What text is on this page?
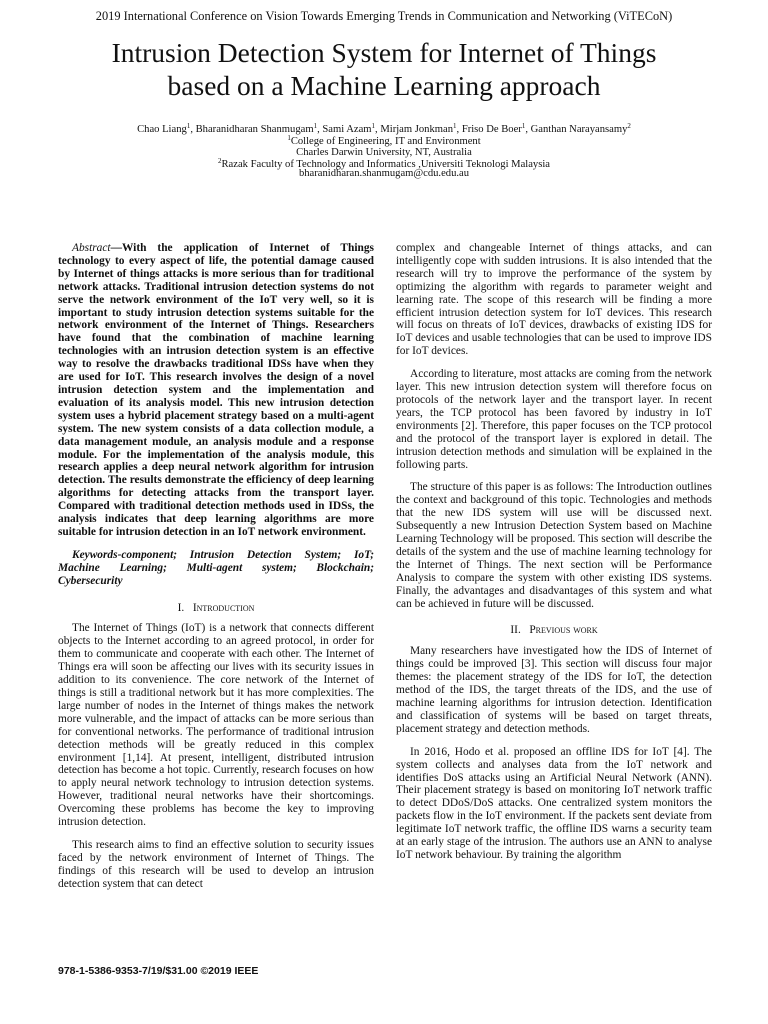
2019 International Conference on Vision Towards Emerging Trends in Communication and Networking (ViTECoN)
Intrusion Detection System for Internet of Things
based on a Machine Learning approach
Chao Liang$^1$, Bharanidharan Shanmugam$^1$, Sami Azam$^1$, Mirjam Jonkman$^1$, Friso De Boer$^1$, Ganthan Narayansamy$^2$
$^1$College of Engineering, IT and Environment
Charles Darwin University, NT, Australia
$^2$Razak Faculty of Technology and Informatics ,Universiti Teknologi Malaysia
bharanidharan.shanmugam@cdu.edu.au

Abstract—With the application of Internet of Things technology to every aspect of life, the potential damage caused by Internet of things attacks is more serious than for traditional network attacks. Traditional intrusion detection systems do not serve the network environment of the IoT very well, so it is important to study intrusion detection systems suitable for the network environment of the Internet of Things. Researchers have found that the combination of machine learning technologies with an intrusion detection system is an effective way to resolve the drawbacks traditional IDSs have when they are used for IoT. This research involves the design of a novel intrusion detection system and the implementation and evaluation of its analysis model. This new intrusion detection system uses a hybrid placement strategy based on a multi-agent system. The new system consists of a data collection module, a data management module, an analysis module and a response module. For the implementation of the analysis module, this research applies a deep neural network algorithm for intrusion detection. The results demonstrate the efficiency of deep learning algorithms for detecting attacks from the transport layer. Compared with traditional detection methods used in IDSs, the analysis indicates that deep learning algorithms are more suitable for intrusion detection in an IoT network environment.

Keywords-component; Intrusion Detection System; IoT; Machine Learning; Multi-agent system; Blockchain; Cybersecurity

I. Introduction

The Internet of Things (IoT) is a network that connects different objects to the Internet according to an agreed protocol, in order for them to communicate and cooperate with each other. The Internet of Things era will soon be affecting our lives with its security issues in addition to its convenience. The core network of the Internet of things is still a traditional network but it has more complexities. The large number of nodes in the Internet of things makes the network more vulnerable, and the impact of attacks can be more serious than for conventional networks. The performance of traditional intrusion detection methods will be greatly reduced in this complex environment [1,14]. At present, intelligent, distributed intrusion detection has become a hot topic. Currently, research focuses on how to apply neural network technology to intrusion detection systems. However, traditional neural networks have their shortcomings. Overcoming these problems has become the key to improving intrusion detection.

This research aims to find an effective solution to security issues faced by the network environment of Internet of Things. The findings of this research will be used to develop an intrusion detection system that can detect

complex and changeable Internet of things attacks, and can intelligently cope with sudden intrusions. It is also intended that the research will try to improve the performance of the system by optimizing the algorithm with regards to parameter weight and learning rate. The scope of this research will be finding a more efficient intrusion detection system for IoT devices. This research will focus on threats of IoT devices, drawbacks of existing IDS for IoT devices and usable technologies that can be used to improve IDS for IoT devices.

According to literature, most attacks are coming from the network layer. This new intrusion detection system will therefore focus on protocols of the network layer and the transport layer. In recent years, the TCP protocol has been favored by industry in IoT environments [2]. Therefore, this paper focuses on the TCP protocol and the protocol of the transport layer is explored in detail. The intrusion detection methods and simulation will be explained in the following parts.

The structure of this paper is as follows: The Introduction outlines the context and background of this topic. Technologies and methods that the new IDS system will use will be discussed next. Subsequently a new Intrusion Detection System based on Machine Learning Technology will be proposed. This section will describe the details of the system and the use of machine learning technology for the Internet of Things. The next section will be Performance Analysis to compare the system with other existing IDS systems. Finally, the advantages and disadvantages of this system and what can be achieved in future will be discussed.

II. Previous work

Many researchers have investigated how the IDS of Internet of things could be improved [3]. This section will discuss four major themes: the placement strategy of the IDS for IoT, the detection method of the IDS, the target threats of the IDS, and the use of machine learning algorithms for intrusion detection. Identification and classification of systems will be based on target threats, placement strategy and detection methods.

In 2016, Hodo et al. proposed an offline IDS for IoT [4]. The system collects and analyses data from the IoT network and identifies DoS attacks using an Artificial Neural Network (ANN). Their placement strategy is based on monitoring IoT network traffic to detect DDoS/DoS attacks. One centralized system monitors the packets flow in the IoT environment. If the packets sent deviate from legitimate IoT network traffic, the offline IDS warns a security team at an early stage of the intrusion. The authors use an ANN to analyse IoT network behaviour. By training the algorithm

978-1-5386-9353-7/19/$31.00 ©2019 IEEE
